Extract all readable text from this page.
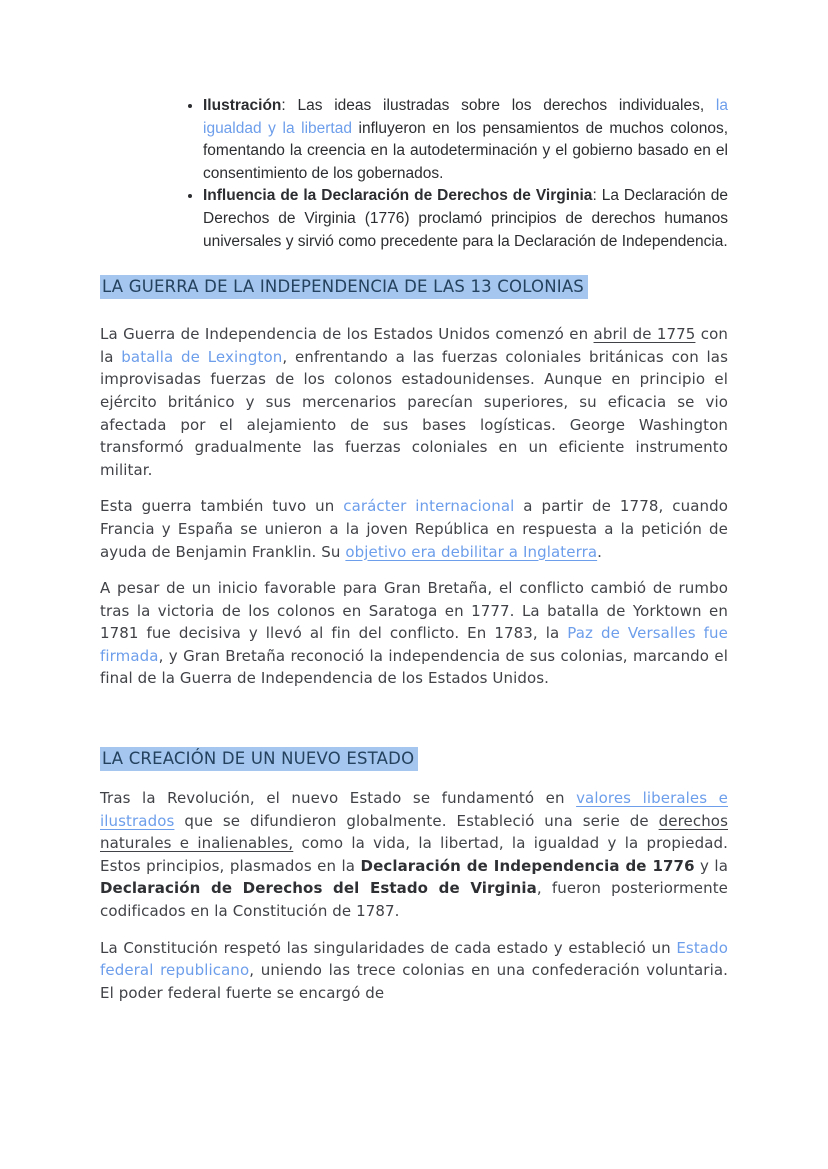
• Ilustración: Las ideas ilustradas sobre los derechos individuales, la igualdad y la libertad influyeron en los pensamientos de muchos colonos, fomentando la creencia en la autodeterminación y el gobierno basado en el consentimiento de los gobernados.
• Influencia de la Declaración de Derechos de Virginia: La Declaración de Derechos de Virginia (1776) proclamó principios de derechos humanos universales y sirvió como precedente para la Declaración de Independencia.
LA GUERRA DE LA INDEPENDENCIA DE LAS 13 COLONIAS

La Guerra de Independencia de los Estados Unidos comenzó en abril de 1775 con la batalla de Lexington, enfrentando a las fuerzas coloniales británicas con las improvisadas fuerzas de los colonos estadounidenses. Aunque en principio el ejército británico y sus mercenarios parecían superiores, su eficacia se vio afectada por el alejamiento de sus bases logísticas. George Washington transformó gradualmente las fuerzas coloniales en un eficiente instrumento militar.

Esta guerra también tuvo un carácter internacional a partir de 1778, cuando Francia y España se unieron a la joven República en respuesta a la petición de ayuda de Benjamin Franklin. Su objetivo era debilitar a Inglaterra.

A pesar de un inicio favorable para Gran Bretaña, el conflicto cambió de rumbo tras la victoria de los colonos en Saratoga en 1777. La batalla de Yorktown en 1781 fue decisiva y llevó al fin del conflicto. En 1783, la Paz de Versalles fue firmada, y Gran Bretaña reconoció la independencia de sus colonias, marcando el final de la Guerra de Independencia de los Estados Unidos.

LA CREACIÓN DE UN NUEVO ESTADO

Tras la Revolución, el nuevo Estado se fundamentó en valores liberales e ilustrados que se difundieron globalmente. Estableció una serie de derechos naturales e inalienables, como la vida, la libertad, la igualdad y la propiedad. Estos principios, plasmados en la Declaración de Independencia de 1776 y la Declaración de Derechos del Estado de Virginia, fueron posteriormente codificados en la Constitución de 1787.

La Constitución respetó las singularidades de cada estado y estableció un Estado federal republicano, uniendo las trece colonias en una confederación voluntaria. El poder federal fuerte se encargó de
